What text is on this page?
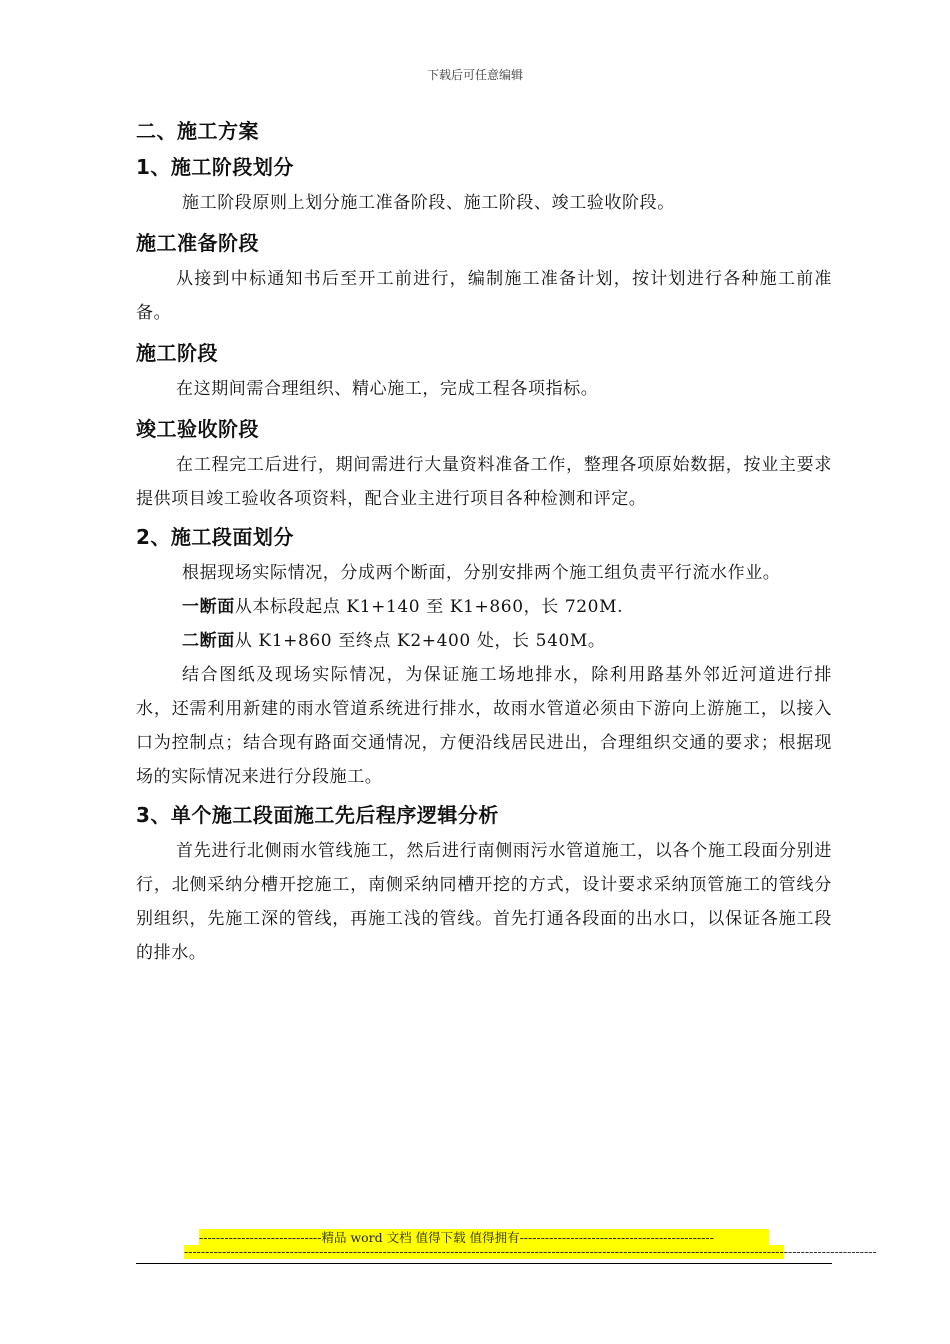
下载后可任意编辑
二、施工方案
1、施工阶段划分

施工阶段原则上划分施工准备阶段、施工阶段、竣工验收阶段。

施工准备阶段

从接到中标通知书后至开工前进行，编制施工准备计划，按计划进行各种施工前准备。

施工阶段

在这期间需合理组织、精心施工，完成工程各项指标。

竣工验收阶段

在工程完工后进行，期间需进行大量资料准备工作，整理各项原始数据，按业主要求提供项目竣工验收各项资料，配合业主进行项目各种检测和评定。

2、施工段面划分

根据现场实际情况，分成两个断面，分别安排两个施工组负责平行流水作业。

一断面从本标段起点 K1+140 至 K1+860，长 720M.

二断面从 K1+860 至终点 K2+400 处，长 540M。

结合图纸及现场实际情况，为保证施工场地排水，除利用路基外邻近河道进行排水，还需利用新建的雨水管道系统进行排水，故雨水管道必须由下游向上游施工，以接入口为控制点；结合现有路面交通情况，方便沿线居民进出，合理组织交通的要求；根据现场的实际情况来进行分段施工。

3、单个施工段面施工先后程序逻辑分析

首先进行北侧雨水管线施工，然后进行南侧雨污水管道施工，以各个施工段面分别进行，北侧采纳分槽开挖施工，南侧采纳同槽开挖的方式，设计要求采纳顶管施工的管线分别组织，先施工深的管线，再施工浅的管线。首先打通各段面的出水口，以保证各施工段的排水。

-----------------------------精品 word 文档 值得下载 值得拥有----------------------------------------------
--------------------------------------------------------------------------------------------------------------------------------------------------------------------
